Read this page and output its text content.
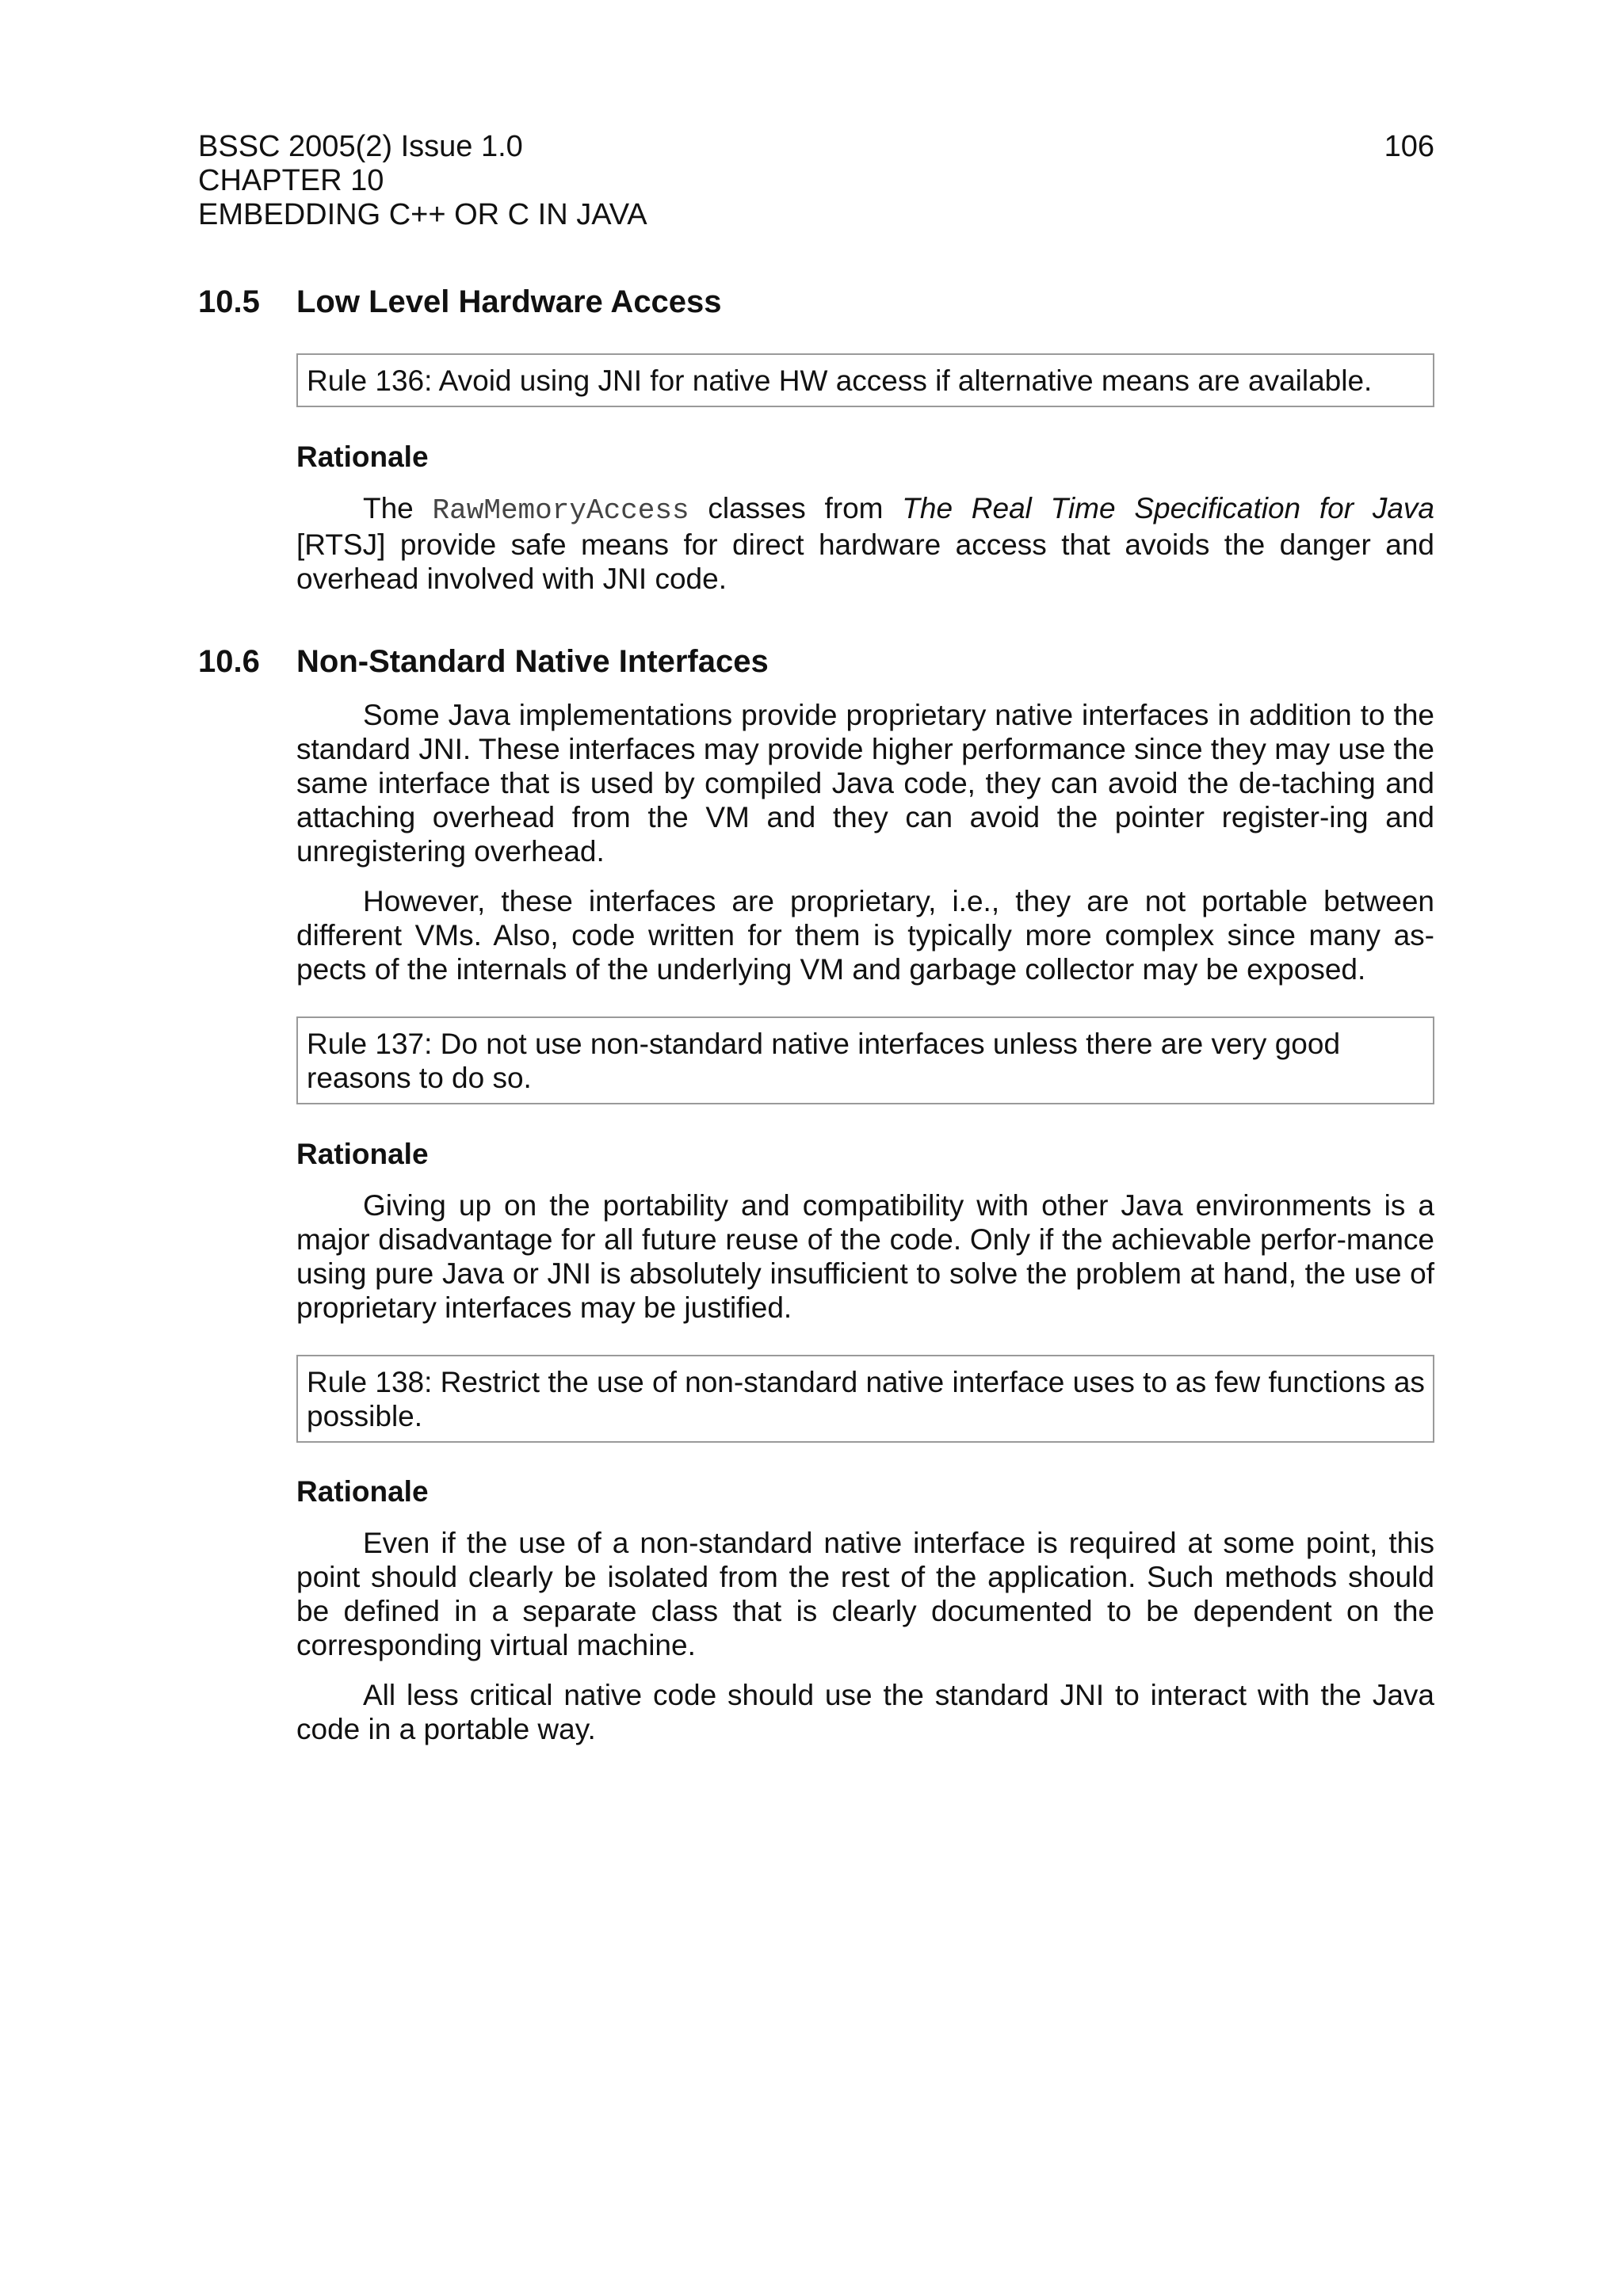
BSSC 2005(2) Issue 1.0
CHAPTER 10
EMBEDDING C++ OR C IN JAVA
106
10.5 Low Level Hardware Access
Rule 136: Avoid using JNI for native HW access if alternative means are available.
Rationale

The RawMemoryAccess classes from The Real Time Specification for Java [RTSJ] provide safe means for direct hardware access that avoids the danger and overhead involved with JNI code.

10.6 Non-Standard Native Interfaces

Some Java implementations provide proprietary native interfaces in addition to the standard JNI. These interfaces may provide higher performance since they may use the same interface that is used by compiled Java code, they can avoid the de-taching and attaching overhead from the VM and they can avoid the pointer register-ing and unregistering overhead.

However, these interfaces are proprietary, i.e., they are not portable between different VMs. Also, code written for them is typically more complex since many as-pects of the internals of the underlying VM and garbage collector may be exposed.

Rule 137: Do not use non-standard native interfaces unless there are very good reasons to do so.
Rationale

Giving up on the portability and compatibility with other Java environments is a major disadvantage for all future reuse of the code. Only if the achievable perfor-mance using pure Java or JNI is absolutely insufficient to solve the problem at hand, the use of proprietary interfaces may be justified.

Rule 138: Restrict the use of non-standard native interface uses to as few functions as possible.
Rationale

Even if the use of a non-standard native interface is required at some point, this point should clearly be isolated from the rest of the application. Such methods should be defined in a separate class that is clearly documented to be dependent on the corresponding virtual machine.

All less critical native code should use the standard JNI to interact with the Java code in a portable way.
